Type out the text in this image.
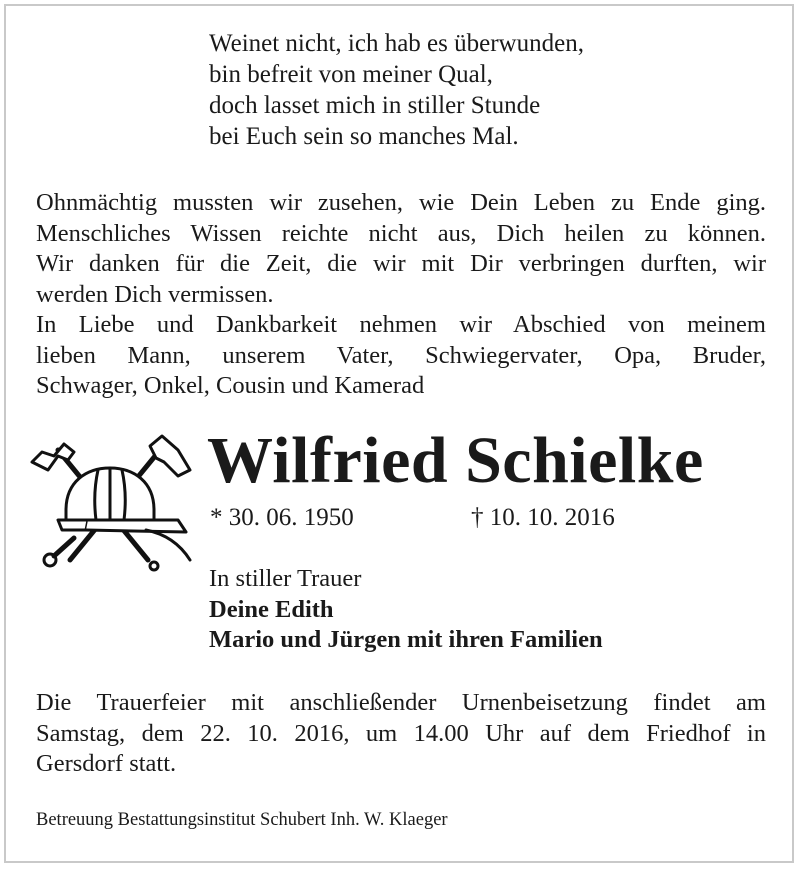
Weinet nicht, ich hab es überwunden,
bin befreit von meiner Qual,
doch lasset mich in stiller Stunde
bei Euch sein so manches Mal.
Ohnmächtig mussten wir zusehen, wie Dein Leben zu Ende ging.
Menschliches Wissen reichte nicht aus, Dich heilen zu können.
Wir danken für die Zeit, die wir mit Dir verbringen durften, wir
werden Dich vermissen.
In Liebe und Dankbarkeit nehmen wir Abschied von meinem
lieben Mann, unserem Vater, Schwiegervater, Opa, Bruder,
Schwager, Onkel, Cousin und Kamerad
Wilfried Schielke
* 30. 06. 1950	† 10. 10. 2016
In stiller Trauer
Deine Edith
Mario und Jürgen mit ihren Familien
Die Trauerfeier mit anschließender Urnenbeisetzung findet am
Samstag, dem 22. 10. 2016, um 14.00 Uhr auf dem Friedhof in
Gersdorf statt.
Betreuung Bestattungsinstitut Schubert Inh. W. Klaeger
